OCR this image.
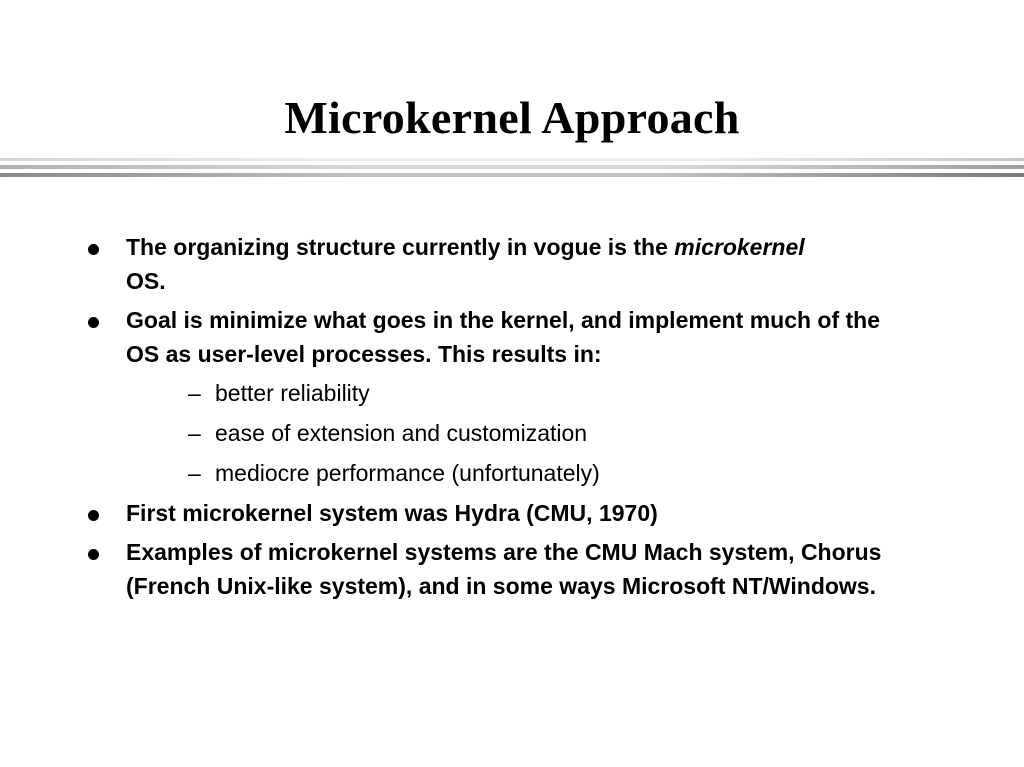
Microkernel Approach
The organizing structure currently in vogue is the microkernel OS.
Goal is minimize what goes in the kernel, and implement much of the OS as user-level processes. This results in:
– better reliability
– ease of extension and customization
– mediocre performance (unfortunately)
First microkernel system was Hydra (CMU, 1970)
Examples of microkernel systems are the CMU Mach system, Chorus (French Unix-like system), and in some ways Microsoft NT/Windows.
